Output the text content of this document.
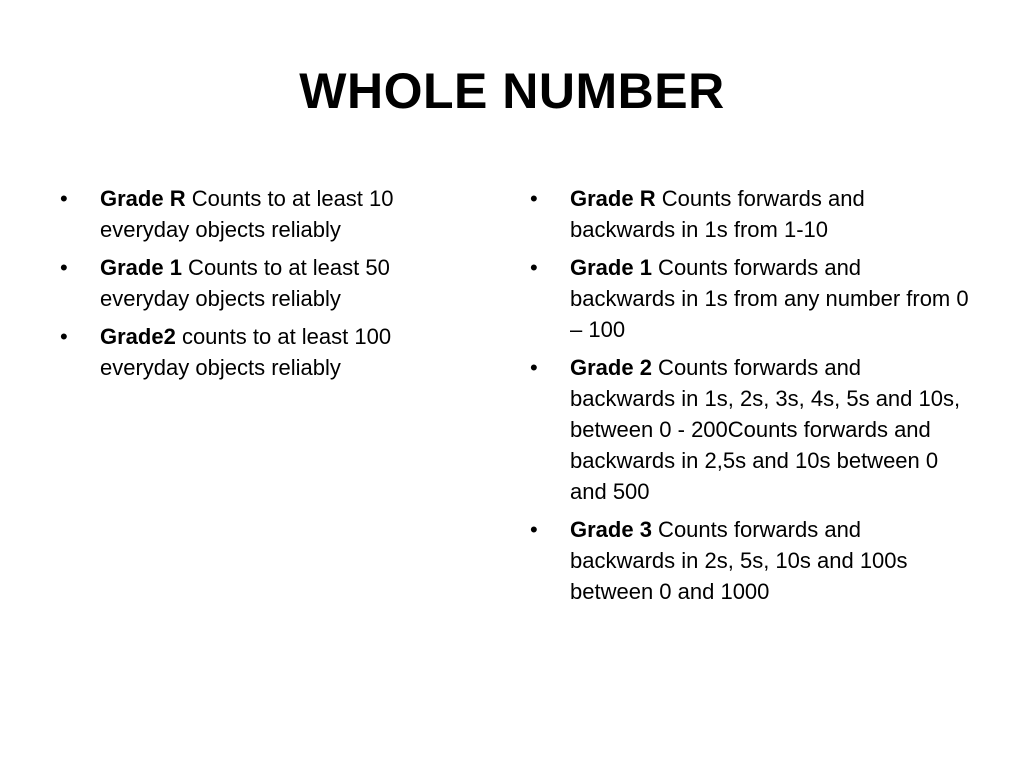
WHOLE NUMBER
•	Grade R Counts to at least 10 everyday objects reliably
•	Grade 1 Counts to at least 50 everyday objects reliably
•	Grade2 counts to at least 100 everyday objects reliably
•	Grade R Counts forwards and backwards in 1s from 1-10
•	Grade 1 Counts forwards and backwards in 1s from any number from 0 – 100
•	Grade 2 Counts forwards and backwards in 1s, 2s, 3s, 4s, 5s and 10s, between 0 - 200Counts forwards and backwards in 2,5s and 10s between 0 and 500
•	Grade 3 Counts forwards and backwards in 2s, 5s, 10s and 100s between 0 and 1000
